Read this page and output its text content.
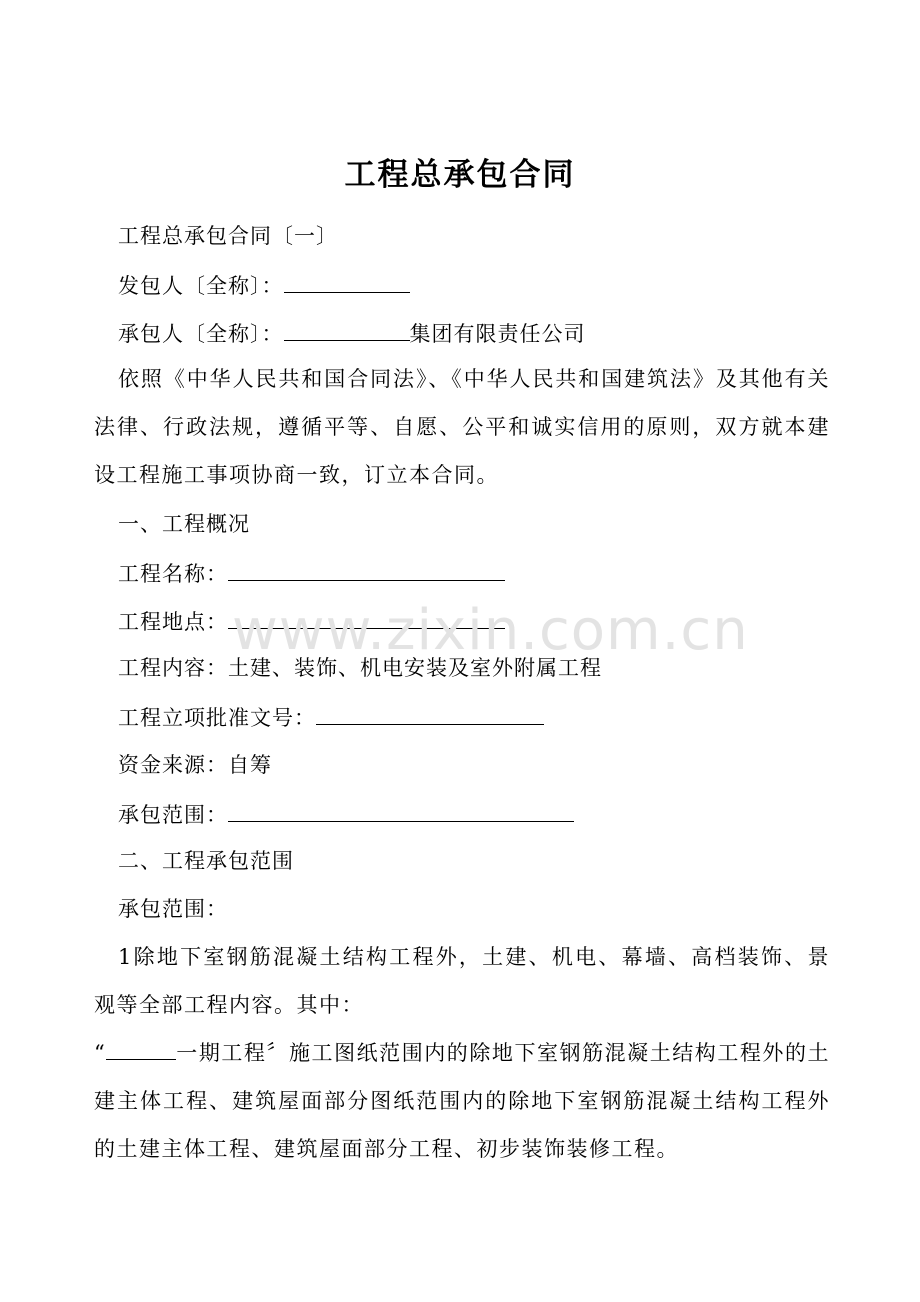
工程总承包合同
工程总承包合同〔一〕
发包人〔全称〕：
承包人〔全称〕：	集团有限责任公司
依照《中华人民共和国合同法》、《中华人民共和国建筑法》及其他有关法律、行政法规，遵循平等、自愿、公平和诚实信用的原则，双方就本建设工程施工事项协商一致，订立本合同。
一、工程概况
工程名称：
工程地点：
工程内容：土建、装饰、机电安装及室外附属工程
工程立项批准文号：
资金来源：自筹
承包范围：
二、工程承包范围
承包范围：
1除地下室钢筋混凝土结构工程外，土建、机电、幕墙、高档装饰、景观等全部工程内容。其中：
“	一期工程〞施工图纸范围内的除地下室钢筋混凝土结构工程外的土建主体工程、建筑屋面部分图纸范围内的除地下室钢筋混凝土结构工程外的土建主体工程、建筑屋面部分工程、初步装饰装修工程。
www.zixin.com.cn
